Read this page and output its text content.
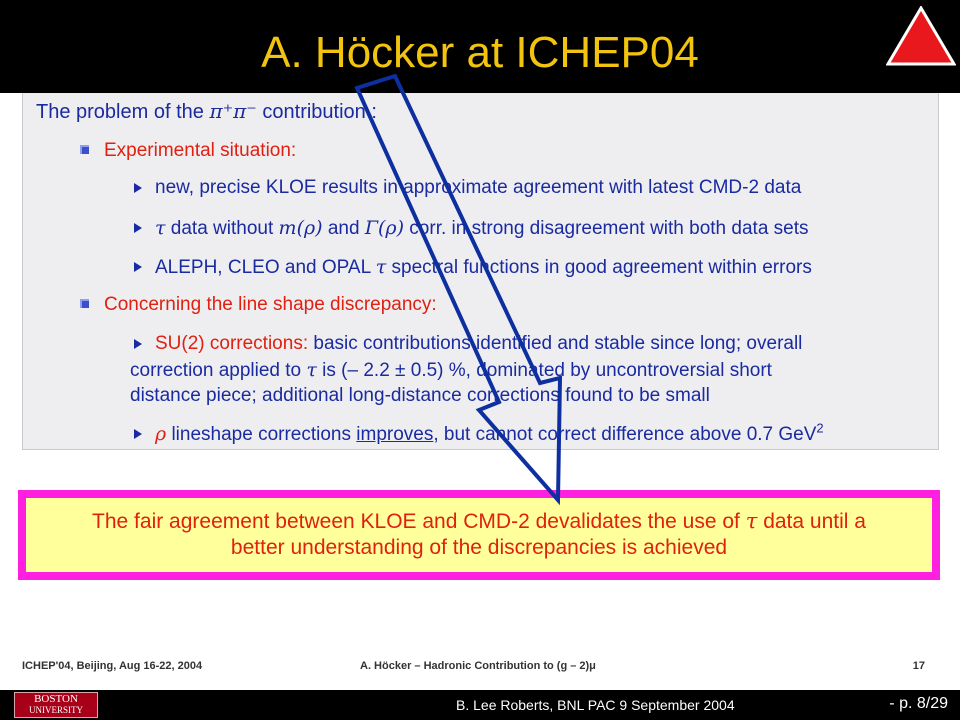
A. Höcker at ICHEP04
The problem of the π⁺π⁻ contribution :
Experimental situation:
new, precise KLOE results in approximate agreement with latest CMD-2 data
τ data without m(ρ) and Γ(ρ) corr. in strong disagreement with both data sets
ALEPH, CLEO and OPAL τ spectral functions in good agreement within errors
Concerning the line shape discrepancy:
SU(2) corrections: basic contributions identified and stable since long; overall
correction applied to τ is (– 2.2 ± 0.5) %, dominated by uncontroversial short
distance piece; additional long-distance corrections found to be small
ρ lineshape corrections improves, but cannot correct difference above 0.7 GeV$^2$
The fair agreement between KLOE and CMD-2 devalidates the use of τ data until a
better understanding of the discrepancies is achieved
ICHEP'04, Beijing, Aug 16-22, 2004	A. Höcker – Hadronic Contribution to (g – 2)μ	17
BOSTON
UNIVERSITY	B. Lee Roberts, BNL PAC 9 September 2004	- p. 8/29
